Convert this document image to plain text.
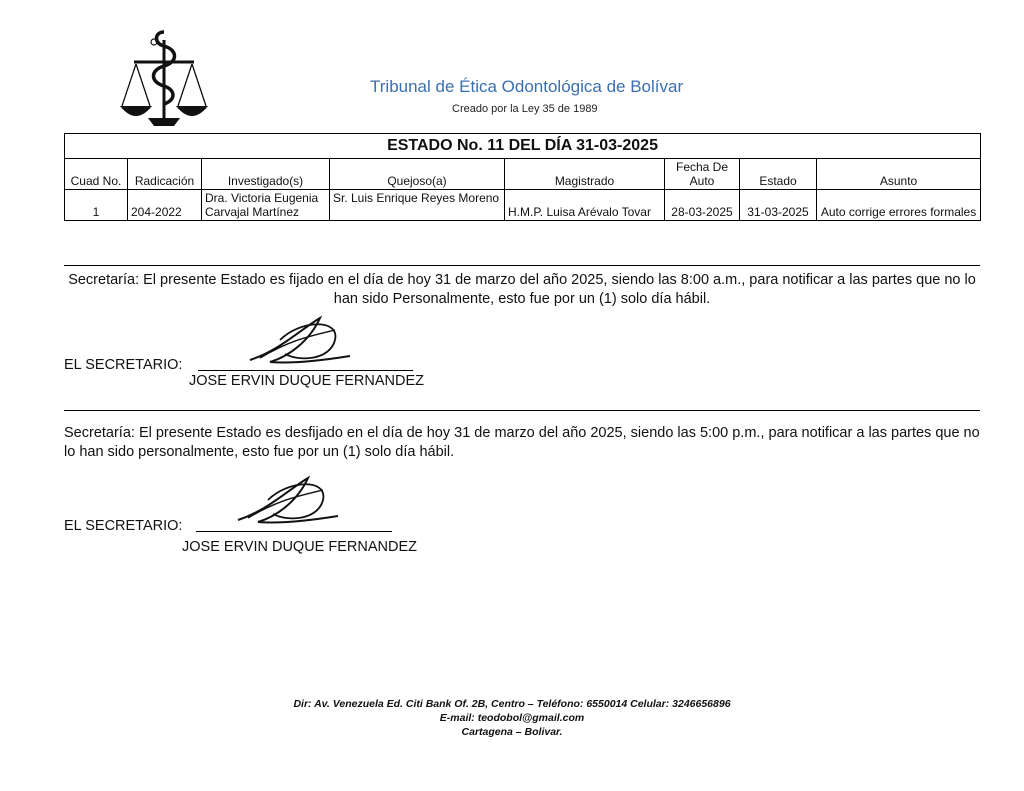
Tribunal de Ética Odontológica de Bolívar
Creado por la Ley 35 de 1989
ESTADO No. 11 DEL DÍA 31-03-2025							
Cuad No.	Radicación	Investigado(s)	Quejoso(a)	Magistrado	Fecha De Auto	Estado	Asunto
1	204-2022	Dra. Victoria Eugenia Carvajal Martínez	Sr. Luis Enrique Reyes Moreno	H.M.P. Luisa Arévalo Tovar	28-03-2025	31-03-2025	Auto corrige errores formales
Secretaría: El presente Estado es fijado en el día de hoy 31 de marzo del año 2025, siendo las 8:00 a.m., para notificar a las partes que no lo han sido Personalmente, esto fue por un (1) solo día hábil.
EL SECRETARIO:
JOSE ERVIN DUQUE FERNANDEZ
Secretaría: El presente Estado es desfijado en el día de hoy 31 de marzo del año 2025, siendo las 5:00 p.m., para notificar a las partes que no lo han sido personalmente, esto fue por un (1) solo día hábil.
EL SECRETARIO:
JOSE ERVIN DUQUE FERNANDEZ
Dir: Av. Venezuela Ed. Citi Bank Of. 2B, Centro – Teléfono: 6550014 Celular: 3246656896
E-mail: teodobol@gmail.com
Cartagena – Bolivar.
